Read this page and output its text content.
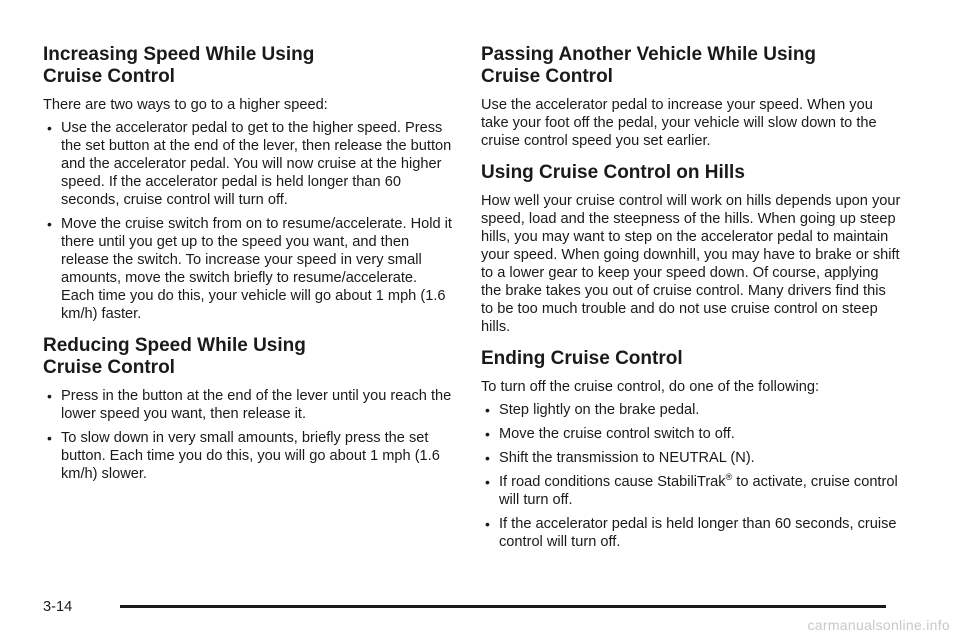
Increasing Speed While Using
Cruise Control

There are two ways to go to a higher speed:

• Use the accelerator pedal to get to the higher speed. Press the set button at the end of the lever, then release the button and the accelerator pedal. You will now cruise at the higher speed. If the accelerator pedal is held longer than 60 seconds, cruise control will turn off.
• Move the cruise switch from on to resume/accelerate. Hold it there until you get up to the speed you want, and then release the switch. To increase your speed in very small amounts, move the switch briefly to resume/accelerate. Each time you do this, your vehicle will go about 1 mph (1.6 km/h) faster.
Reducing Speed While Using
Cruise Control
• Press in the button at the end of the lever until you reach the lower speed you want, then release it.
• To slow down in very small amounts, briefly press the set button. Each time you do this, you will go about 1 mph (1.6 km/h) slower.
Passing Another Vehicle While Using
Cruise Control

Use the accelerator pedal to increase your speed. When you take your foot off the pedal, your vehicle will slow down to the cruise control speed you set earlier.

Using Cruise Control on Hills

How well your cruise control will work on hills depends upon your speed, load and the steepness of the hills. When going up steep hills, you may want to step on the accelerator pedal to maintain your speed. When going downhill, you may have to brake or shift to a lower gear to keep your speed down. Of course, applying the brake takes you out of cruise control. Many drivers find this to be too much trouble and do not use cruise control on steep hills.

Ending Cruise Control

To turn off the cruise control, do one of the following:

• Step lightly on the brake pedal.
• Move the cruise control switch to off.
• Shift the transmission to NEUTRAL (N).
• If road conditions cause StabiliTrak® to activate, cruise control will turn off.
• If the accelerator pedal is held longer than 60 seconds, cruise control will turn off.
3-14
carmanualsonline.info
